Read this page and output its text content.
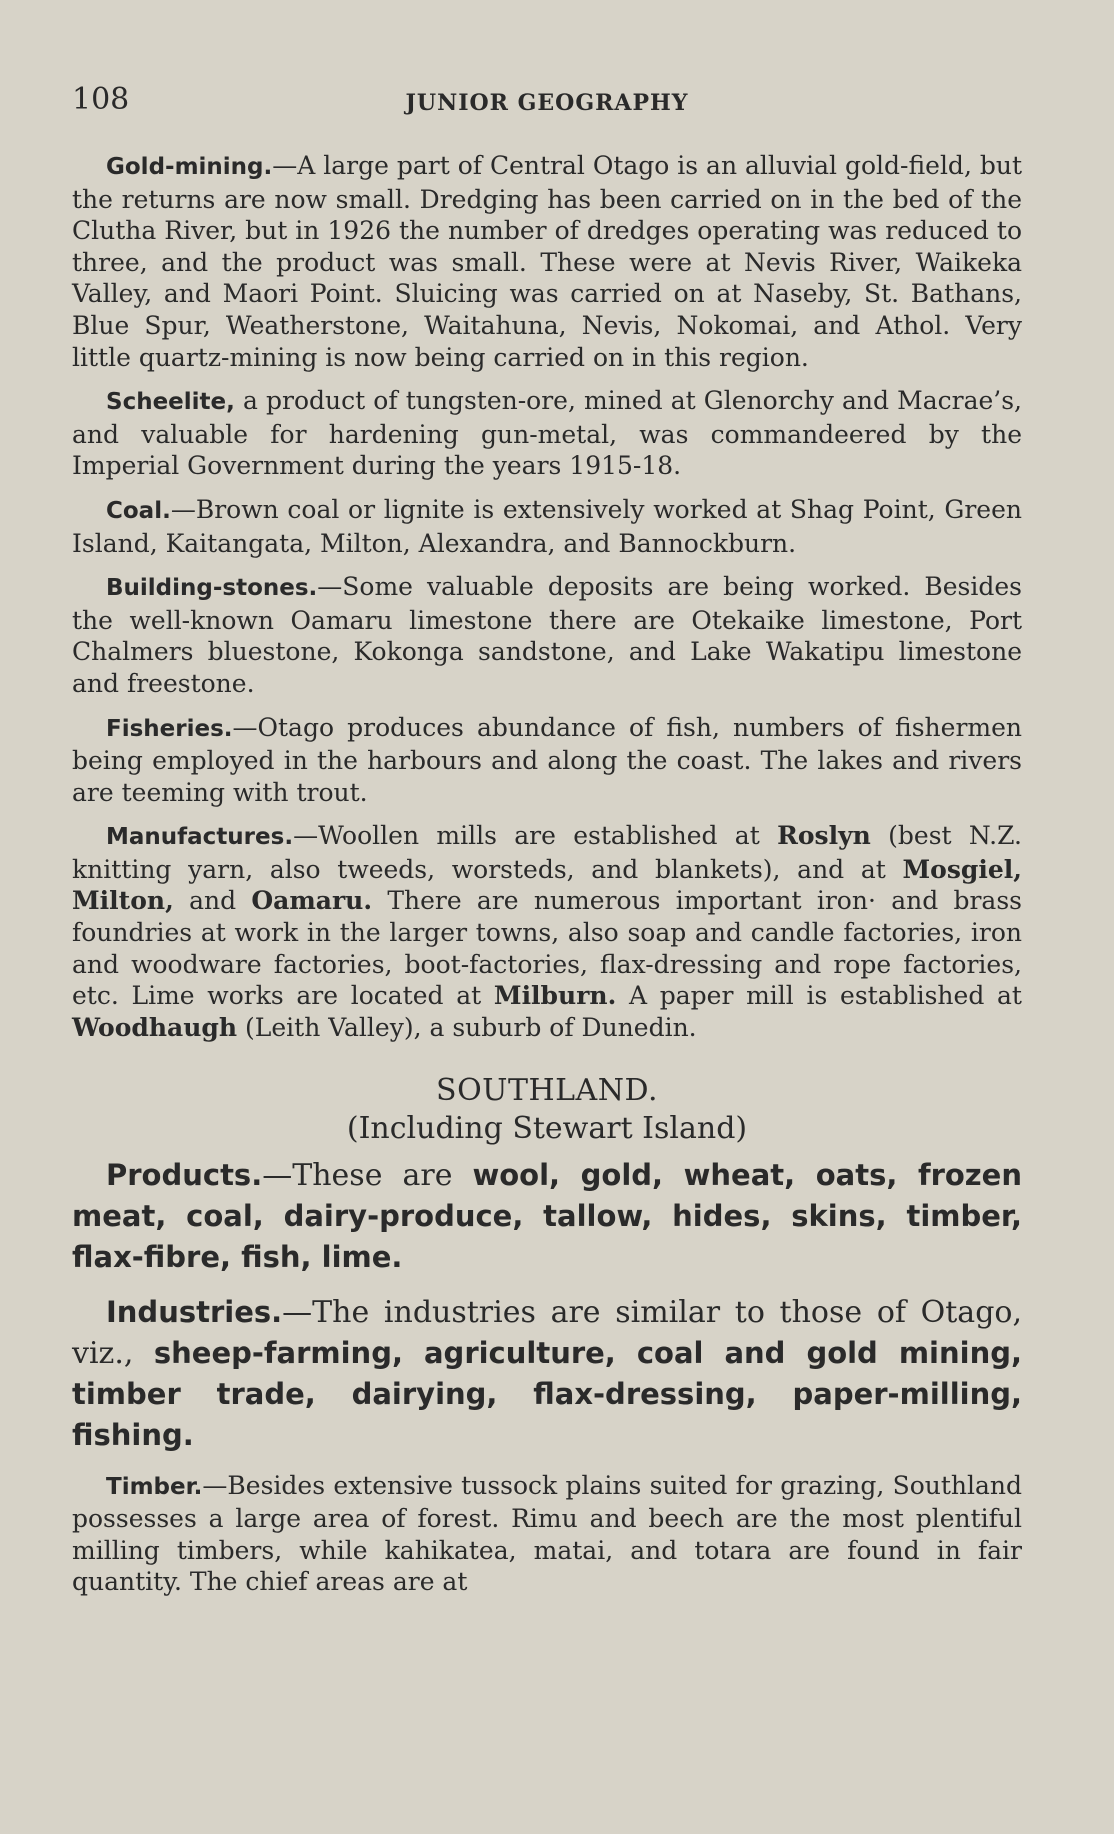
108	JUNIOR GEOGRAPHY

Gold-mining.—A large part of Central Otago is an alluvial gold-field, but the returns are now small. Dredging has been carried on in the bed of the Clutha River, but in 1926 the number of dredges operating was reduced to three, and the product was small. These were at Nevis River, Waikeka Valley, and Maori Point. Sluicing was carried on at Naseby, St. Bathans, Blue Spur, Weatherstone, Waitahuna, Nevis, Nokomai, and Athol. Very little quartz-mining is now being carried on in this region.

Scheelite, a product of tungsten-ore, mined at Glenorchy and Macrae’s, and valuable for hardening gun-metal, was commandeered by the Imperial Government during the years 1915-18.

Coal.—Brown coal or lignite is extensively worked at Shag Point, Green Island, Kaitangata, Milton, Alexandra, and Bannockburn.

Building-stones.—Some valuable deposits are being worked. Besides the well-known Oamaru limestone there are Otekaike limestone, Port Chalmers bluestone, Kokonga sandstone, and Lake Wakatipu limestone and freestone.

Fisheries.—Otago produces abundance of fish, numbers of fishermen being employed in the harbours and along the coast. The lakes and rivers are teeming with trout.

Manufactures.—Woollen mills are established at Roslyn (best N.Z. knitting yarn, also tweeds, worsteds, and blankets), and at Mosgiel, Milton, and Oamaru. There are numerous important iron· and brass foundries at work in the larger towns, also soap and candle factories, iron and woodware factories, boot-factories, flax-dressing and rope factories, etc. Lime works are located at Milburn. A paper mill is established at Woodhaugh (Leith Valley), a suburb of Dunedin.

SOUTHLAND.
(Including Stewart Island)

Products.—These are wool, gold, wheat, oats, frozen meat, coal, dairy-produce, tallow, hides, skins, timber, flax-fibre, fish, lime.

Industries.—The industries are similar to those of Otago, viz., sheep-farming, agriculture, coal and gold mining, timber trade, dairying, flax-dressing, paper-milling, fishing.

Timber.—Besides extensive tussock plains suited for grazing, Southland possesses a large area of forest. Rimu and beech are the most plentiful milling timbers, while kahikatea, matai, and totara are found in fair quantity. The chief areas are at
